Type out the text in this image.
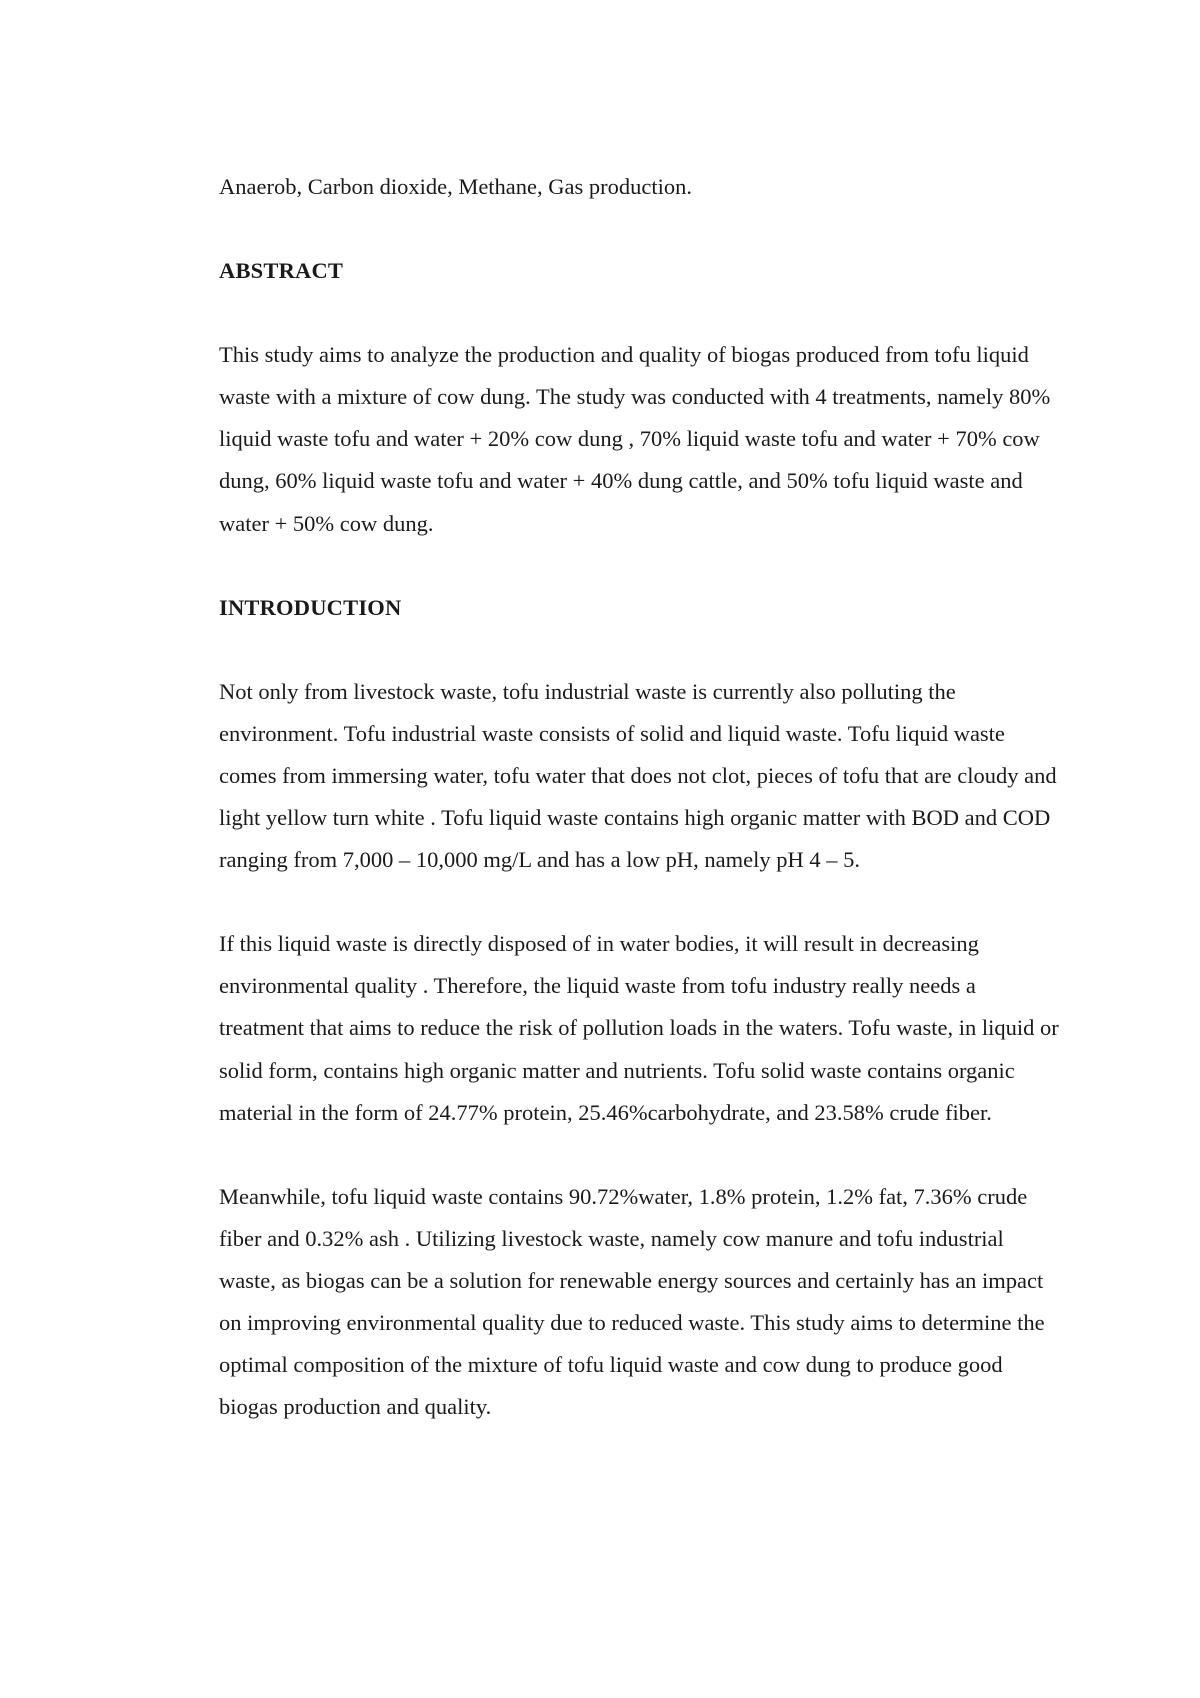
Anaerob, Carbon dioxide, Methane, Gas production.

ABSTRACT

This study aims to analyze the production and quality of biogas produced from tofu liquid waste with a mixture of cow dung. The study was conducted with 4 treatments, namely 80% liquid waste tofu and water + 20% cow dung , 70% liquid waste tofu and water + 70% cow dung, 60% liquid waste tofu and water + 40% dung cattle, and 50% tofu liquid waste and water + 50% cow dung.

INTRODUCTION

Not only from livestock waste, tofu industrial waste is currently also polluting the environment. Tofu industrial waste consists of solid and liquid waste. Tofu liquid waste comes from immersing water, tofu water that does not clot, pieces of tofu that are cloudy and light yellow turn white . Tofu liquid waste contains high organic matter with BOD and COD ranging from 7,000 – 10,000 mg/L and has a low pH, namely pH 4 – 5.

If this liquid waste is directly disposed of in water bodies, it will result in decreasing environmental quality . Therefore, the liquid waste from tofu industry really needs a treatment that aims to reduce the risk of pollution loads in the waters. Tofu waste, in liquid or solid form, contains high organic matter and nutrients. Tofu solid waste contains organic material in the form of 24.77% protein, 25.46%carbohydrate, and 23.58% crude fiber.

Meanwhile, tofu liquid waste contains 90.72%water, 1.8% protein, 1.2% fat, 7.36% crude fiber and 0.32% ash . Utilizing livestock waste, namely cow manure and tofu industrial waste, as biogas can be a solution for renewable energy sources and certainly has an impact on improving environmental quality due to reduced waste. This study aims to determine the optimal composition of the mixture of tofu liquid waste and cow dung to produce good biogas production and quality.
